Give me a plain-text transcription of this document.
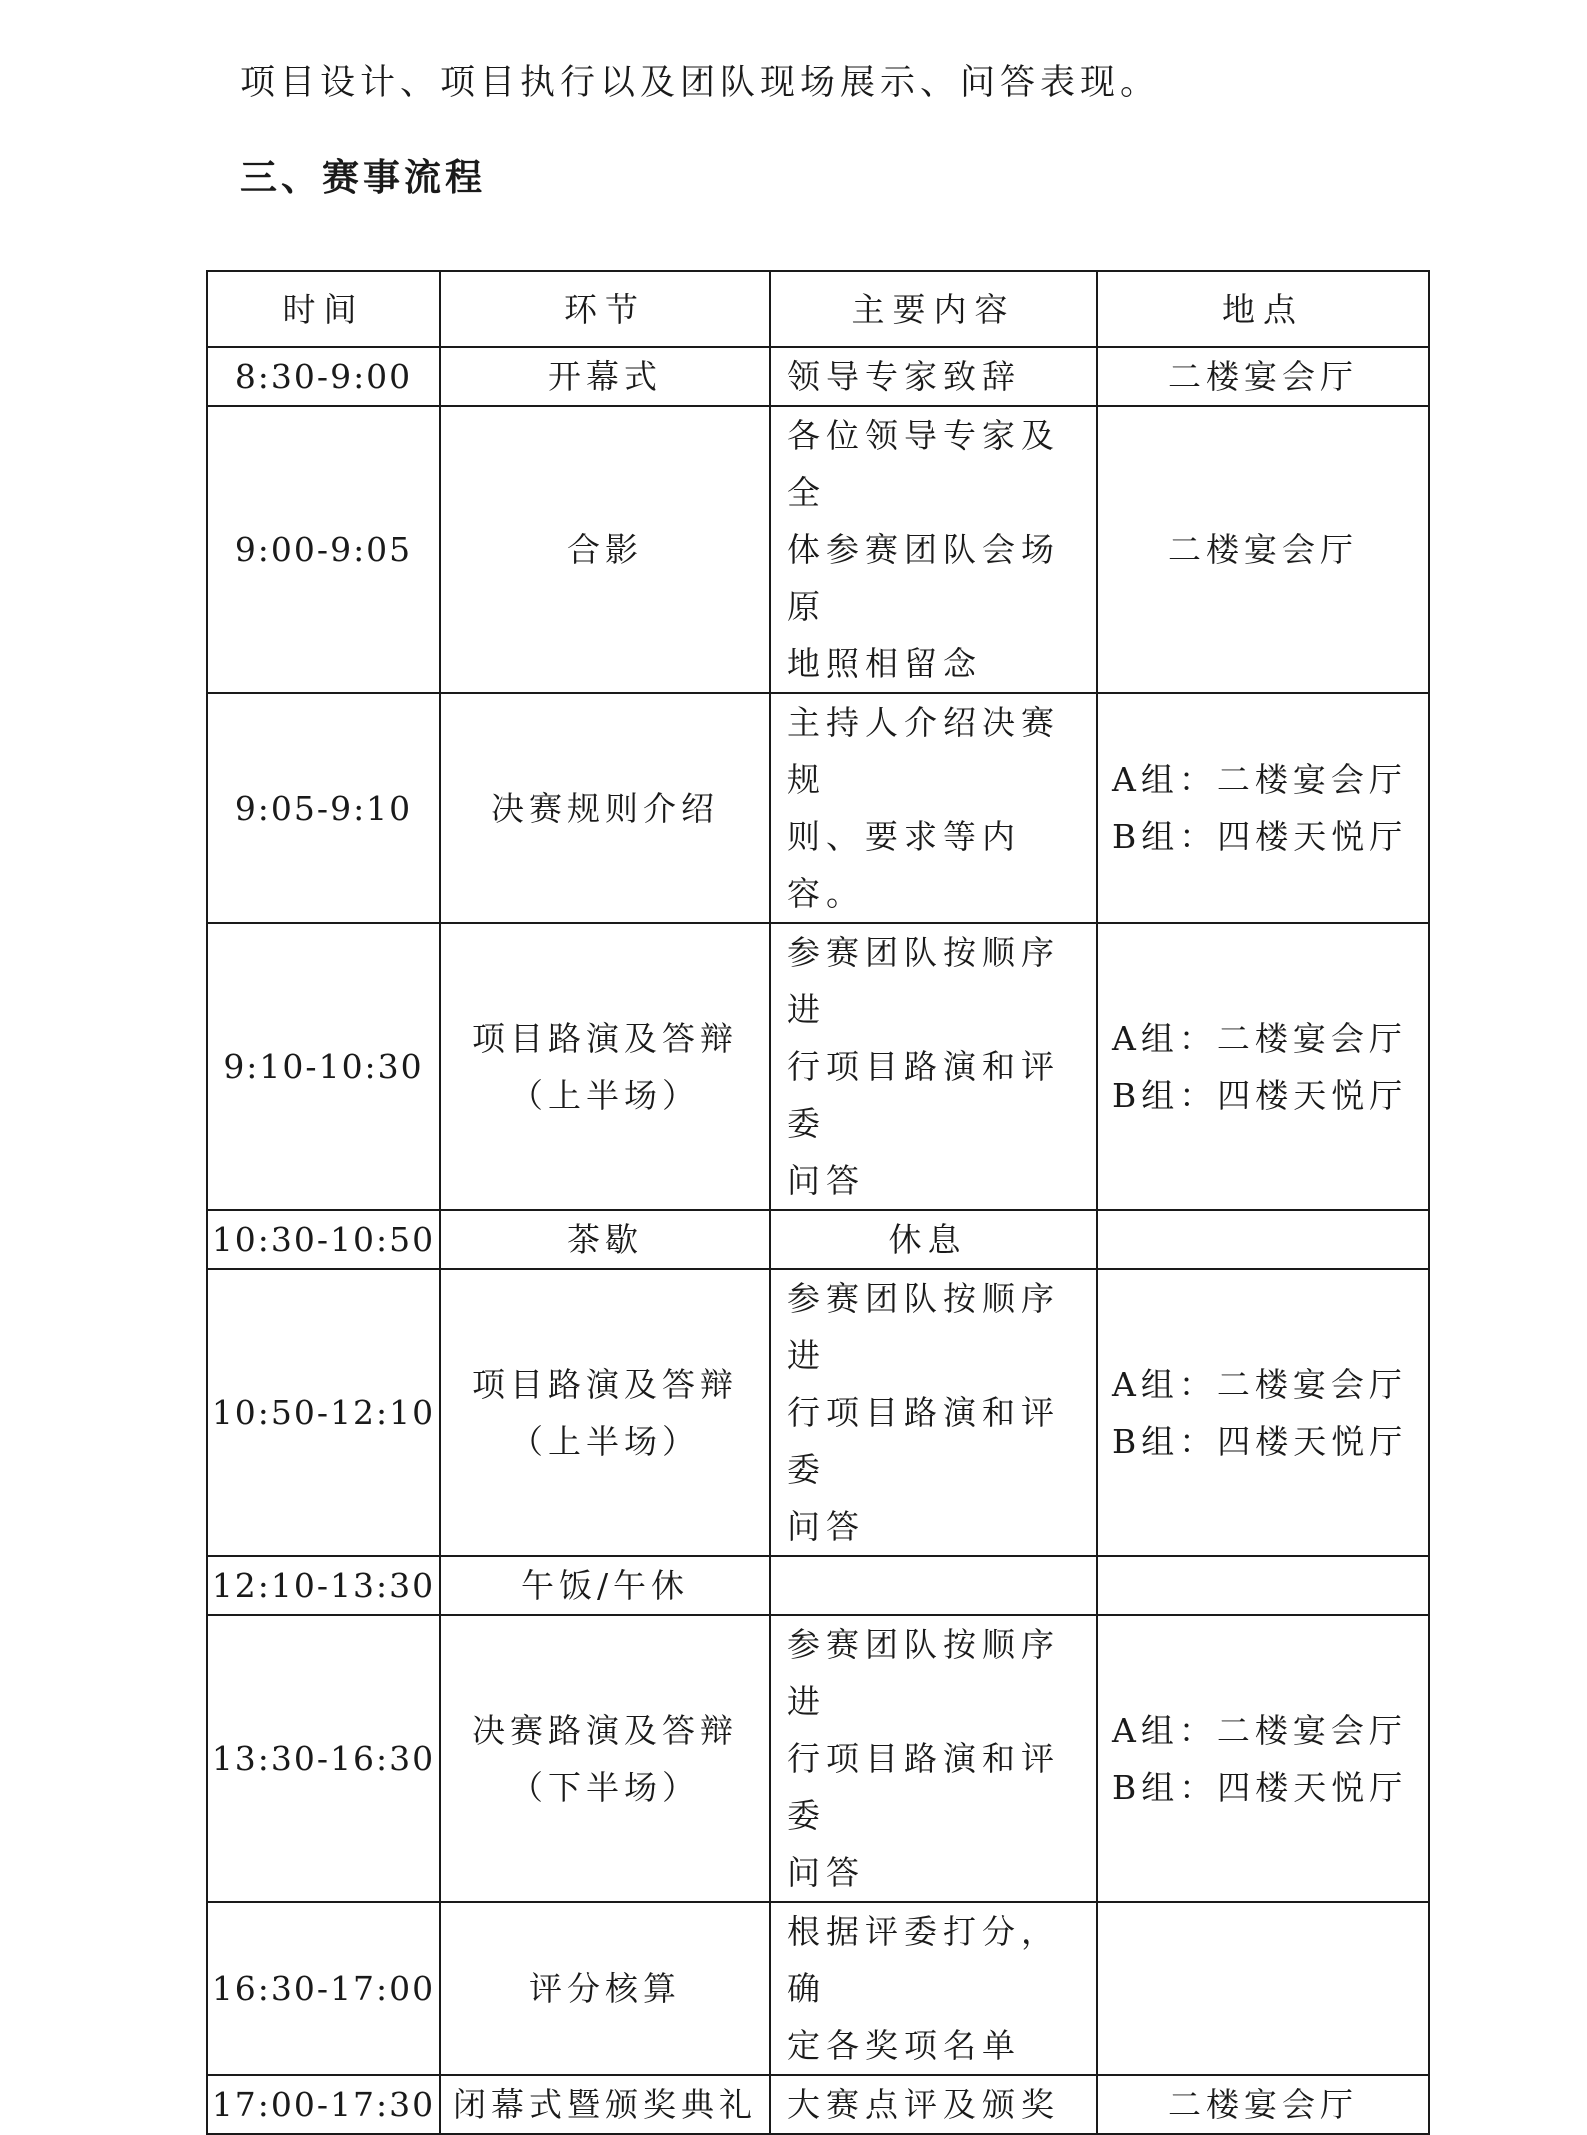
项目设计、项目执行以及团队现场展示、问答表现。
三、赛事流程
时间	环节	主要内容	地点
8:30-9:00	开幕式	领导专家致辞	二楼宴会厅

9:00-9:05	合影	各位领导专家及全
体参赛团队会场原
地照相留念	二楼宴会厅

9:05-9:10	决赛规则介绍	主持人介绍决赛规
则、要求等内容。	A组：二楼宴会厅
B组：四楼天悦厅

9:10-10:30	项目路演及答辩
（上半场）	参赛团队按顺序进
行项目路演和评委
问答	A组：二楼宴会厅
B组：四楼天悦厅

10:30-10:50	茶歇	休息	

10:50-12:10	项目路演及答辩
（上半场）	参赛团队按顺序进
行项目路演和评委
问答	A组：二楼宴会厅
B组：四楼天悦厅

12:10-13:30	午饭/午休		

13:30-16:30	决赛路演及答辩
（下半场）	参赛团队按顺序进
行项目路演和评委
问答	A组：二楼宴会厅
B组：四楼天悦厅

16:30-17:00	评分核算	根据评委打分，确
定各奖项名单	

17:00-17:30	闭幕式暨颁奖典礼	大赛点评及颁奖	二楼宴会厅
